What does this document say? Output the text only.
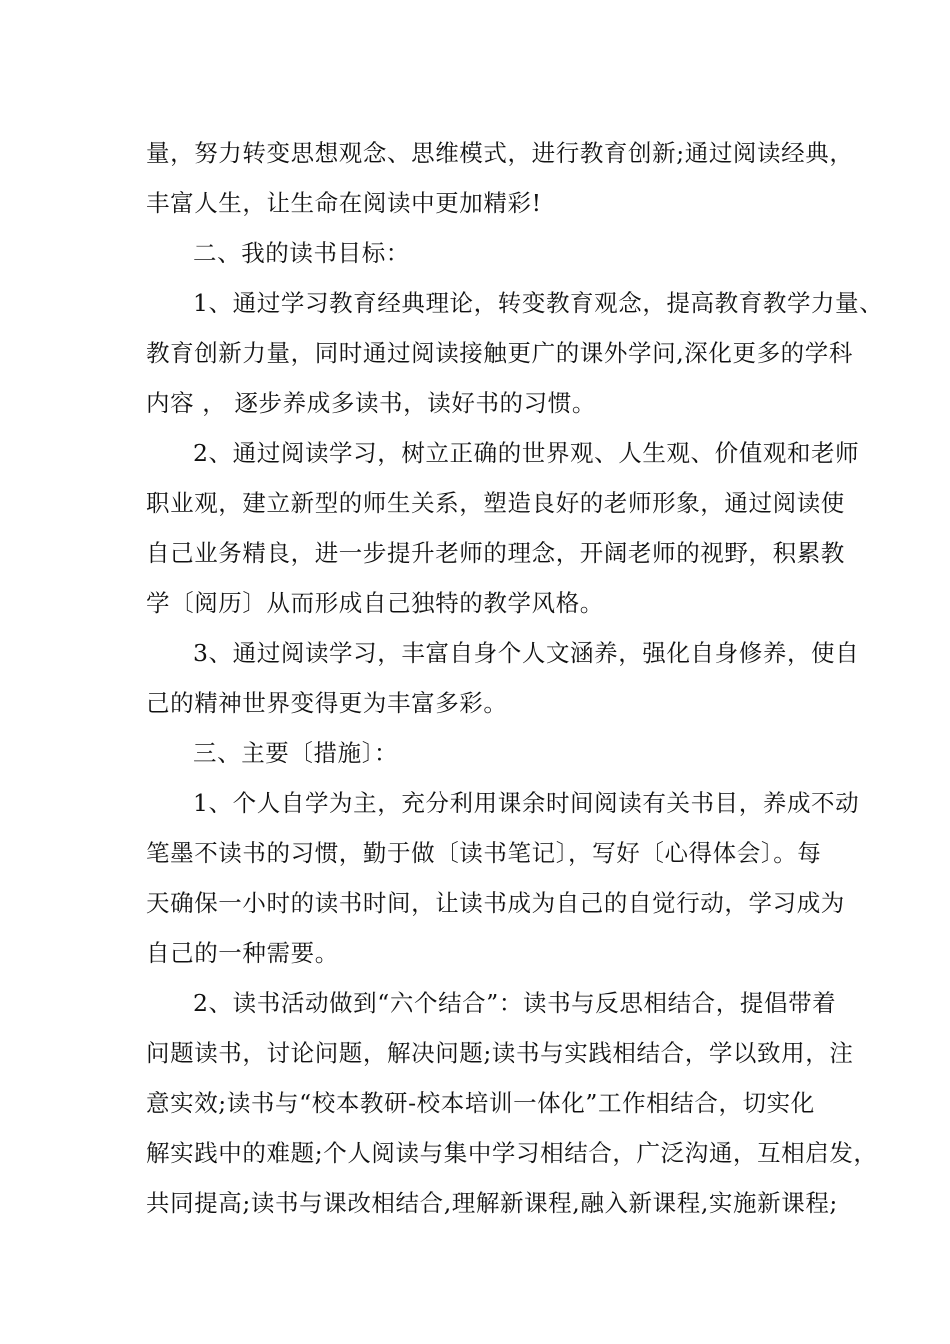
量，努力转变思想观念、思维模式，进行教育创新;通过阅读经典，
丰富人生，让生命在阅读中更加精彩!
二、我的读书目标：
1、通过学习教育经典理论，转变教育观念，提高教育教学力量、
教育创新力量，同时通过阅读接触更广的课外学问,深化更多的学科
内容 ， 逐步养成多读书，读好书的习惯。
2、通过阅读学习，树立正确的世界观、人生观、价值观和老师
职业观，建立新型的师生关系，塑造良好的老师形象，通过阅读使
自己业务精良，进一步提升老师的理念，开阔老师的视野，积累教
学〔阅历〕从而形成自己独特的教学风格。
3、通过阅读学习，丰富自身个人文涵养，强化自身修养，使自
己的精神世界变得更为丰富多彩。
三、主要〔措施〕：
1、个人自学为主，充分利用课余时间阅读有关书目，养成不动
笔墨不读书的习惯，勤于做〔读书笔记〕，写好〔心得体会〕。每
天确保一小时的读书时间，让读书成为自己的自觉行动，学习成为
自己的一种需要。
2、读书活动做到“六个结合”：读书与反思相结合，提倡带着
问题读书，讨论问题，解决问题;读书与实践相结合，学以致用，注
意实效;读书与“校本教研-校本培训一体化”工作相结合，切实化
解实践中的难题;个人阅读与集中学习相结合，广泛沟通，互相启发，
共同提高;读书与课改相结合,理解新课程,融入新课程,实施新课程;
